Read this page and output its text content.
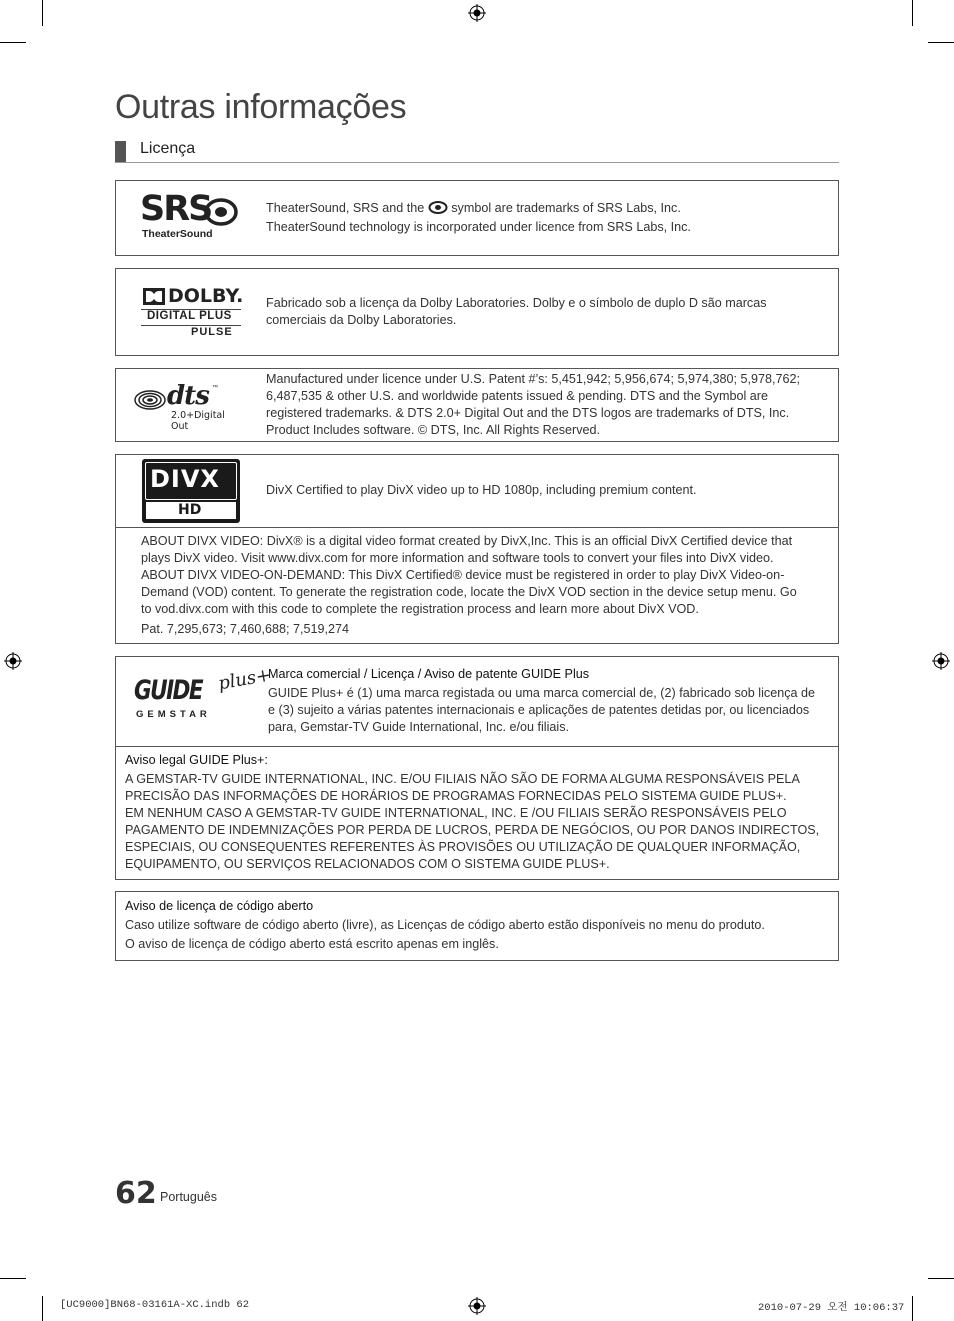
Outras informações
Licença
SRS
TheaterSound

TheaterSound, SRS and the symbol are trademarks of SRS Labs, Inc.

TheaterSound technology is incorporated under licence from SRS Labs, Inc.

DOLBY.
DIGITAL PLUS
PULSE

Fabricado sob a licença da Dolby Laboratories. Dolby e o símbolo de duplo D são marcas

comerciais da Dolby Laboratories.

dts ™
2.0+Digital Out

Manufactured under licence under U.S. Patent #’s: 5,451,942; 5,956,674; 5,974,380; 5,978,762;

6,487,535 & other U.S. and worldwide patents issued & pending. DTS and the Symbol are

registered trademarks. & DTS 2.0+ Digital Out and the DTS logos are trademarks of DTS, Inc.

Product Includes software. © DTS, Inc. All Rights Reserved.

DIVX
HD
DivX Certified to play DivX video up to HD 1080p, including premium content.

ABOUT DIVX VIDEO: DivX® is a digital video format created by DivX,Inc. This is an official DivX Certified device that

plays DivX video. Visit www.divx.com for more information and software tools to convert your files into DivX video.

ABOUT DIVX VIDEO-ON-DEMAND: This DivX Certified® device must be registered in order to play DivX Video-on-

Demand (VOD) content. To generate the registration code, locate the DivX VOD section in the device setup menu. Go

to vod.divx.com with this code to complete the registration process and learn more about DivX VOD.

Pat. 7,295,673; 7,460,688; 7,519,274

GUIDE plus+
GEMSTAR

Marca comercial / Licença / Aviso de patente GUIDE Plus

GUIDE Plus+ é (1) uma marca registada ou uma marca comercial de, (2) fabricado sob licença de

e (3) sujeito a várias patentes internacionais e aplicações de patentes detidas por, ou licenciados

para, Gemstar-TV Guide International, Inc. e/ou filiais.

Aviso legal GUIDE Plus+:

A GEMSTAR-TV GUIDE INTERNATIONAL, INC. E/OU FILIAIS NÃO SÃO DE FORMA ALGUMA RESPONSÁVEIS PELA

PRECISÃO DAS INFORMAÇÕES DE HORÁRIOS DE PROGRAMAS FORNECIDAS PELO SISTEMA GUIDE PLUS+.

EM NENHUM CASO A GEMSTAR-TV GUIDE INTERNATIONAL, INC. E /OU FILIAIS SERÃO RESPONSÁVEIS PELO

PAGAMENTO DE INDEMNIZAÇÕES POR PERDA DE LUCROS, PERDA DE NEGÓCIOS, OU POR DANOS INDIRECTOS,

ESPECIAIS, OU CONSEQUENTES REFERENTES ÀS PROVISÕES OU UTILIZAÇÃO DE QUALQUER INFORMAÇÃO,

EQUIPAMENTO, OU SERVIÇOS RELACIONADOS COM O SISTEMA GUIDE PLUS+.

Aviso de licença de código aberto

Caso utilize software de código aberto (livre), as Licenças de código aberto estão disponíveis no menu do produto.

O aviso de licença de código aberto está escrito apenas em inglês.

62 Português
[UC9000]BN68-03161A-XC.indb 62	2010-07-29 오전 10:06:37
